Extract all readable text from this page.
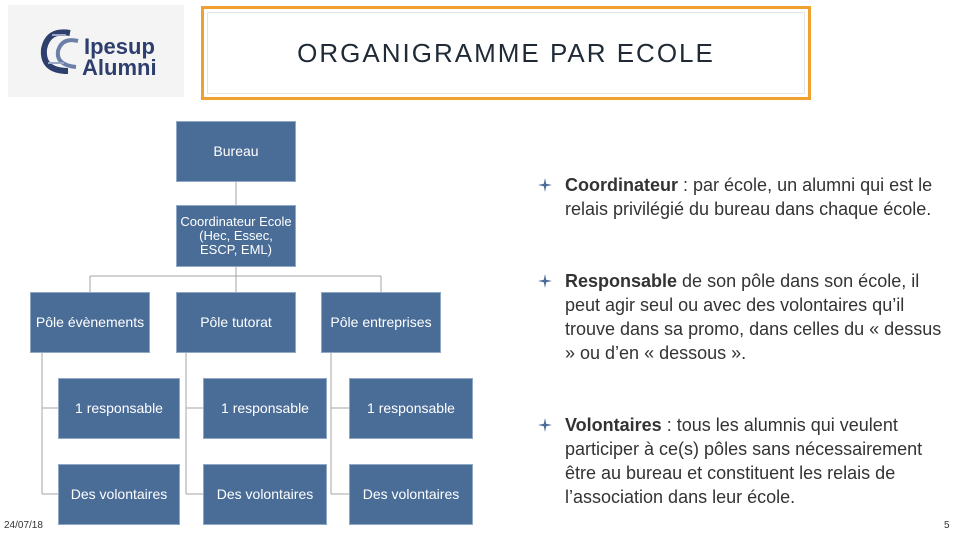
Ipesup
Alumni	ORGANIGRAMME PAR ECOLE
Bureau
Coordinateur Ecole (Hec, Essec, ESCP, EML)
Pôle évènements	Pôle tutorat	Pôle entreprises
1 responsable	1 responsable	1 responsable
Des volontaires	Des volontaires	Des volontaires
Coordinateur : par école, un alumni qui est le relais privilégié du bureau dans chaque école.
Responsable de son pôle dans son école, il peut agir seul ou avec des volontaires qu’il trouve dans sa promo, dans celles du « dessus » ou d’en « dessous ».
Volontaires : tous les alumnis qui veulent participer à ce(s) pôles sans nécessairement être au bureau et constituent les relais de l’association dans leur école.
24/07/18	5
